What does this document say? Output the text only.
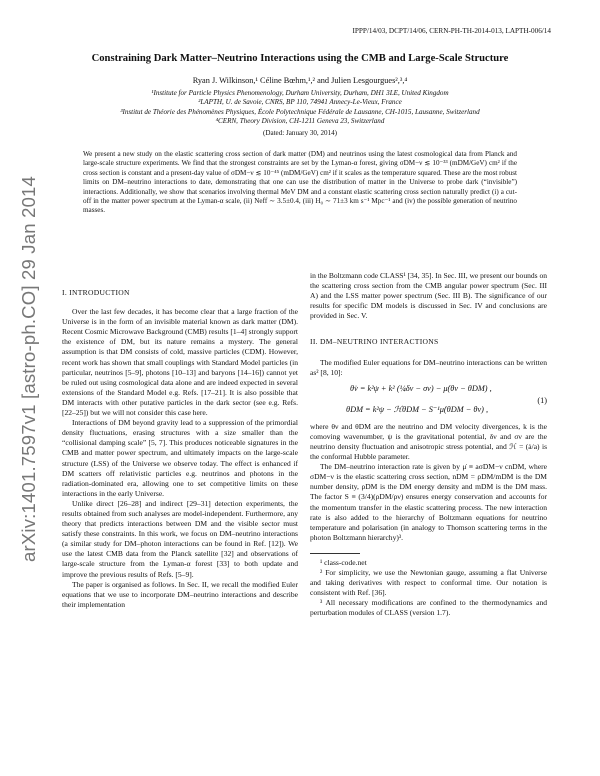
IPPP/14/03, DCPT/14/06, CERN-PH-TH-2014-013, LAPTH-006/14
Constraining Dark Matter–Neutrino Interactions using the CMB and Large-Scale Structure
Ryan J. Wilkinson,¹ Céline Bœhm,¹,² and Julien Lesgourgues²,³,⁴
¹Institute for Particle Physics Phenomenology, Durham University, Durham, DH1 3LE, United Kingdom
²LAPTH, U. de Savoie, CNRS, BP 110, 74941 Annecy-Le-Vieux, France
³Institut de Théorie des Phénomènes Physiques, École Polytechnique Fédérale de Lausanne, CH-1015, Lausanne, Switzerland
⁴CERN, Theory Division, CH-1211 Geneva 23, Switzerland
(Dated: January 30, 2014)
We present a new study on the elastic scattering cross section of dark matter (DM) and neutrinos using the latest cosmological data from Planck and large-scale structure experiments. We find that the strongest constraints are set by the Lyman-α forest, giving σDM−ν ≲ 10⁻³³ (mDM/GeV) cm² if the cross section is constant and a present-day value of σDM−ν ≲ 10⁻⁴⁵ (mDM/GeV) cm² if it scales as the temperature squared. These are the most robust limits on DM–neutrino interactions to date, demonstrating that one can use the distribution of matter in the Universe to probe dark (“invisible”) interactions. Additionally, we show that scenarios involving thermal MeV DM and a constant elastic scattering cross section naturally predict (i) a cut-off in the matter power spectrum at the Lyman-α scale, (ii) Neff ∼ 3.5±0.4, (iii) H₀ ∼ 71±3 km s⁻¹ Mpc⁻¹ and (iv) the possible generation of neutrino masses.
arXiv:1401.7597v1 [astro-ph.CO] 29 Jan 2014	I. INTRODUCTION

Over the last few decades, it has become clear that a large fraction of the Universe is in the form of an invisible material known as dark matter (DM). Recent Cosmic Microwave Background (CMB) results [1–4] strongly support the existence of DM, but its nature remains a mystery. The general assumption is that DM consists of cold, massive particles (CDM). However, recent work has shown that small couplings with Standard Model particles (in particular, neutrinos [5–9], photons [10–13] and baryons [14–16]) cannot yet be ruled out using cosmological data alone and are indeed expected in several extensions of the Standard Model e.g. Refs. [17–21]. It is also possible that DM interacts with other putative particles in the dark sector (see e.g. Refs. [22–25]) but we will not consider this case here.

Interactions of DM beyond gravity lead to a suppression of the primordial density fluctuations, erasing structures with a size smaller than the “collisional damping scale” [5, 7]. This produces noticeable signatures in the CMB and matter power spectrum, and ultimately impacts on the large-scale structure (LSS) of the Universe we observe today. The effect is enhanced if DM scatters off relativistic particles e.g. neutrinos and photons in the radiation-dominated era, allowing one to set competitive limits on these interactions in the early Universe.

Unlike direct [26–28] and indirect [29–31] detection experiments, the results obtained from such analyses are model-independent. Furthermore, any theory that predicts interactions between DM and the visible sector must satisfy these constraints. In this work, we focus on DM–neutrino interactions (a similar study for DM–photon interactions can be found in Ref. [12]). We use the latest CMB data from the Planck satellite [32] and observations of large-scale structure from the Lyman-α forest [33] to both update and improve the previous results of Refs. [5–9].

The paper is organised as follows. In Sec. II, we recall the modified Euler equations that we use to incorporate DM–neutrino interactions and describe their implementation

in the Boltzmann code CLASS¹ [34, 35]. In Sec. III, we present our bounds on the scattering cross section from the CMB angular power spectrum (Sec. III A) and the LSS matter power spectrum (Sec. III B). The significance of our results for specific DM models is discussed in Sec. IV and conclusions are provided in Sec. V.

II. DM–NEUTRINO INTERACTIONS

The modified Euler equations for DM–neutrino interactions can be written as² [8, 10]:

θ̇ν = k²ψ + k² (¼δν − σν) − μ̇(θν − θDM) ,
θ̇DM = k²ψ − ℋθDM − S⁻¹μ̇(θDM − θν) ,
(1)

where θν and θDM are the neutrino and DM velocity divergences, k is the comoving wavenumber, ψ is the gravitational potential, δν and σν are the neutrino density fluctuation and anisotropic stress potential, and ℋ = (ȧ/a) is the conformal Hubble parameter.

The DM–neutrino interaction rate is given by μ̇ ≡ aσDM−ν cnDM, where σDM−ν is the elastic scattering cross section, nDM = ρDM/mDM is the DM number density, ρDM is the DM energy density and mDM is the DM mass. The factor S ≡ (3/4)(ρDM/ρν) ensures energy conservation and accounts for the momentum transfer in the elastic scattering process. The new interaction rate is also added to the hierarchy of Boltzmann equations for neutrino temperature and polarisation (in analogy to Thomson scattering terms in the photon Boltzmann hierarchy)³.

¹ class-code.net

² For simplicity, we use the Newtonian gauge, assuming a flat Universe and taking derivatives with respect to conformal time. Our notation is consistent with Ref. [36].

³ All necessary modifications are confined to the thermodynamics and perturbation modules of CLASS (version 1.7).
